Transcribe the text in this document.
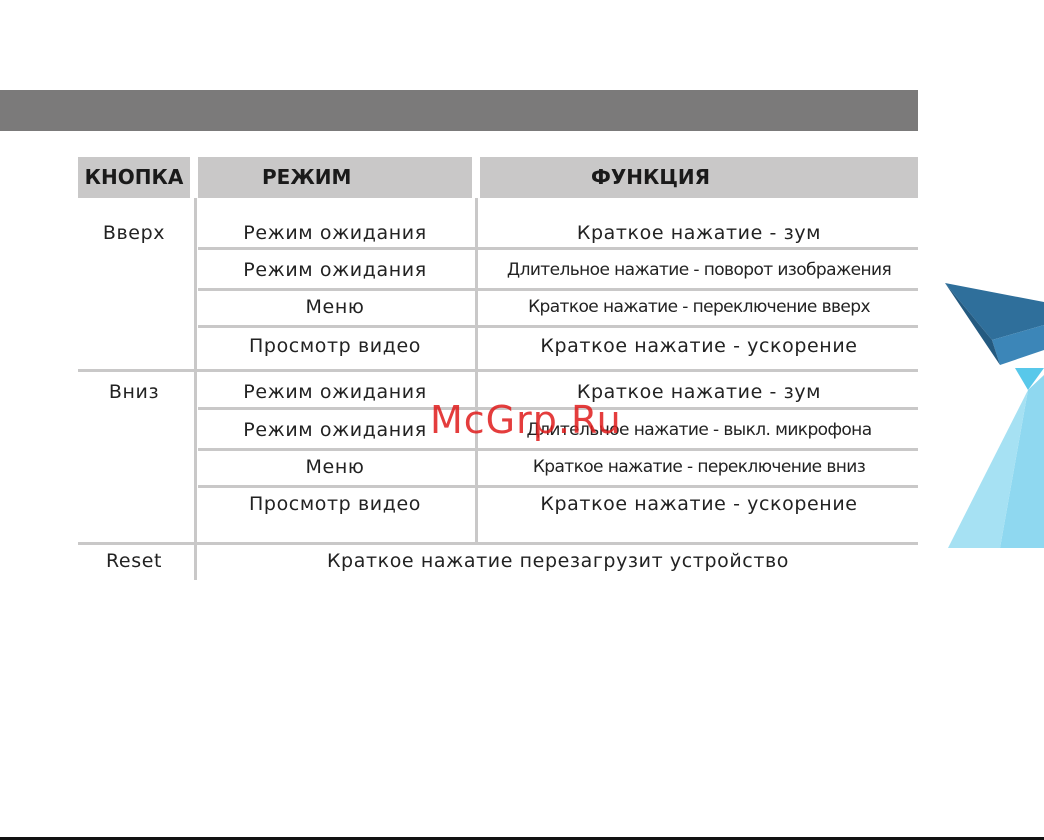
КНОПКА	РЕЖИМ	ФУНКЦИЯ
Вверх	Режим ожидания	Краткое нажатие - зум
Режим ожидания	Длительное нажатие - поворот изображения
Меню	Краткое нажатие - переключение вверх
Просмотр видео	Краткое нажатие - ускорение
Вниз	Режим ожидания	Краткое нажатие - зум
Режим ожидания	Длительное нажатие - выкл. микрофона
Меню	Краткое нажатие - переключение вниз
Просмотр видео	Краткое нажатие - ускорение
Reset	Краткое нажатие перезагрузит устройство
McGrp.Ru
